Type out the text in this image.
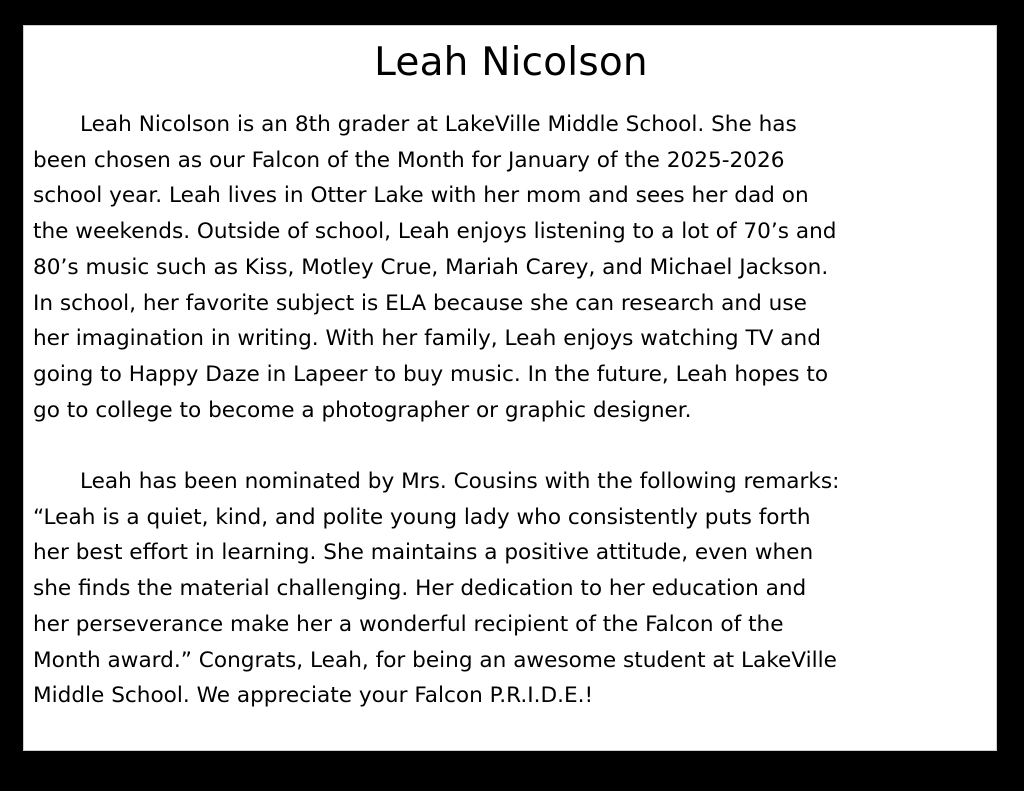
Leah Nicolson

Leah Nicolson is an 8th grader at LakeVille Middle School. She has
been chosen as our Falcon of the Month for January of the 2025-2026
school year. Leah lives in Otter Lake with her mom and sees her dad on
the weekends. Outside of school, Leah enjoys listening to a lot of 70’s and
80’s music such as Kiss, Motley Crue, Mariah Carey, and Michael Jackson.
In school, her favorite subject is ELA because she can research and use
her imagination in writing. With her family, Leah enjoys watching TV and
going to Happy Daze in Lapeer to buy music. In the future, Leah hopes to
go to college to become a photographer or graphic designer.

Leah has been nominated by Mrs. Cousins with the following remarks:
“Leah is a quiet, kind, and polite young lady who consistently puts forth
her best effort in learning. She maintains a positive attitude, even when
she finds the material challenging. Her dedication to her education and
her perseverance make her a wonderful recipient of the Falcon of the
Month award.” Congrats, Leah, for being an awesome student at LakeVille
Middle School. We appreciate your Falcon P.R.I.D.E.!
